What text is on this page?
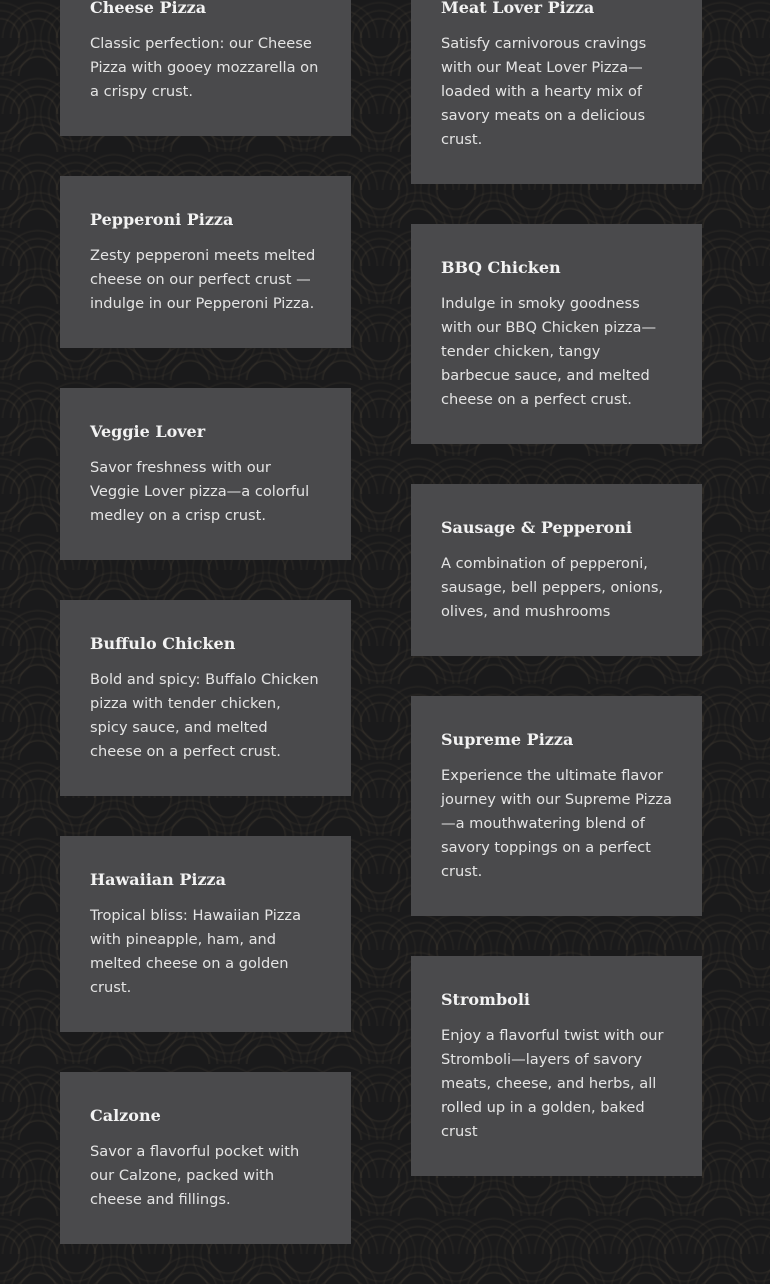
Cheese Pizza

Classic perfection: our Cheese Pizza with gooey mozzarella on a crispy crust.

Pepperoni Pizza

Zesty pepperoni meets melted cheese on our perfect crust — indulge in our Pepperoni Pizza.

Veggie Lover

Savor freshness with our Veggie Lover pizza—a colorful medley on a crisp crust.

Buffulo Chicken

Bold and spicy: Buffalo Chicken pizza with tender chicken, spicy sauce, and melted cheese on a perfect crust.

Hawaiian Pizza

Tropical bliss: Hawaiian Pizza with pineapple, ham, and melted cheese on a golden crust.

Calzone

Savor a flavorful pocket with our Calzone, packed with cheese and fillings.

Meat Lover Pizza

Satisfy carnivorous cravings with our Meat Lover Pizza—loaded with a hearty mix of savory meats on a delicious crust.

BBQ Chicken

Indulge in smoky goodness with our BBQ Chicken pizza—tender chicken, tangy barbecue sauce, and melted cheese on a perfect crust.

Sausage & Pepperoni

A combination of pepperoni, sausage, bell peppers, onions, olives, and mushrooms

Supreme Pizza

Experience the ultimate flavor journey with our Supreme Pizza—a mouthwatering blend of savory toppings on a perfect crust.

Stromboli

Enjoy a flavorful twist with our Stromboli—layers of savory meats, cheese, and herbs, all rolled up in a golden, baked crust
